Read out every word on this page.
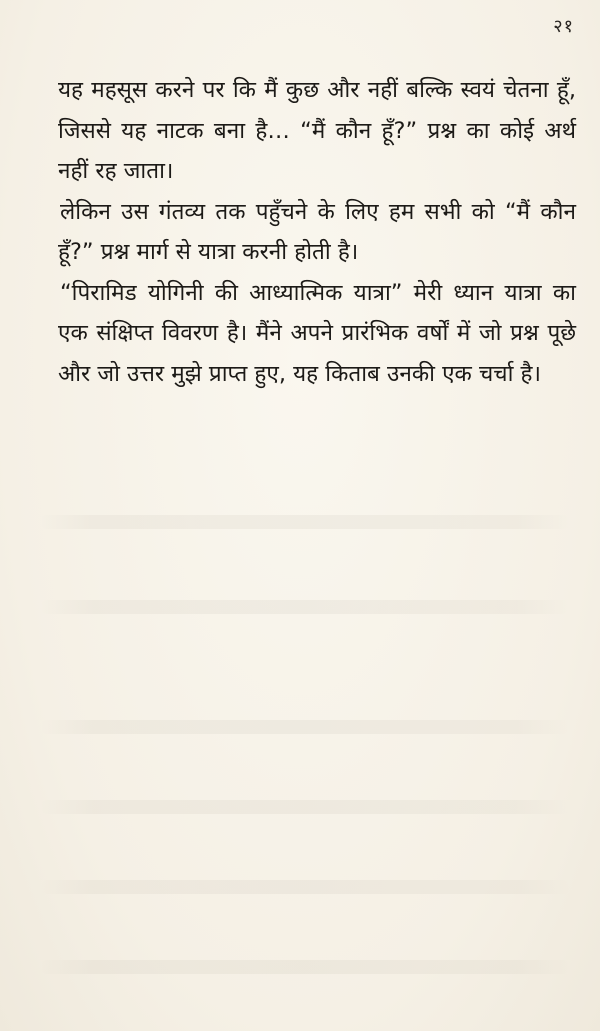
२१

यह महसूस करने पर कि मैं कुछ और नहीं बल्कि स्वयं चेतना हूँ, जिससे यह नाटक बना है… “मैं कौन हूँ?” प्रश्न का कोई अर्थ नहीं रह जाता।

लेकिन उस गंतव्य तक पहुँचने के लिए हम सभी को “मैं कौन हूँ?” प्रश्न मार्ग से यात्रा करनी होती है।

“पिरामिड योगिनी की आध्यात्मिक यात्रा” मेरी ध्यान यात्रा का एक संक्षिप्त विवरण है। मैंने अपने प्रारंभिक वर्षों में जो प्रश्न पूछे और जो उत्तर मुझे प्राप्त हुए, यह किताब उनकी एक चर्चा है।
